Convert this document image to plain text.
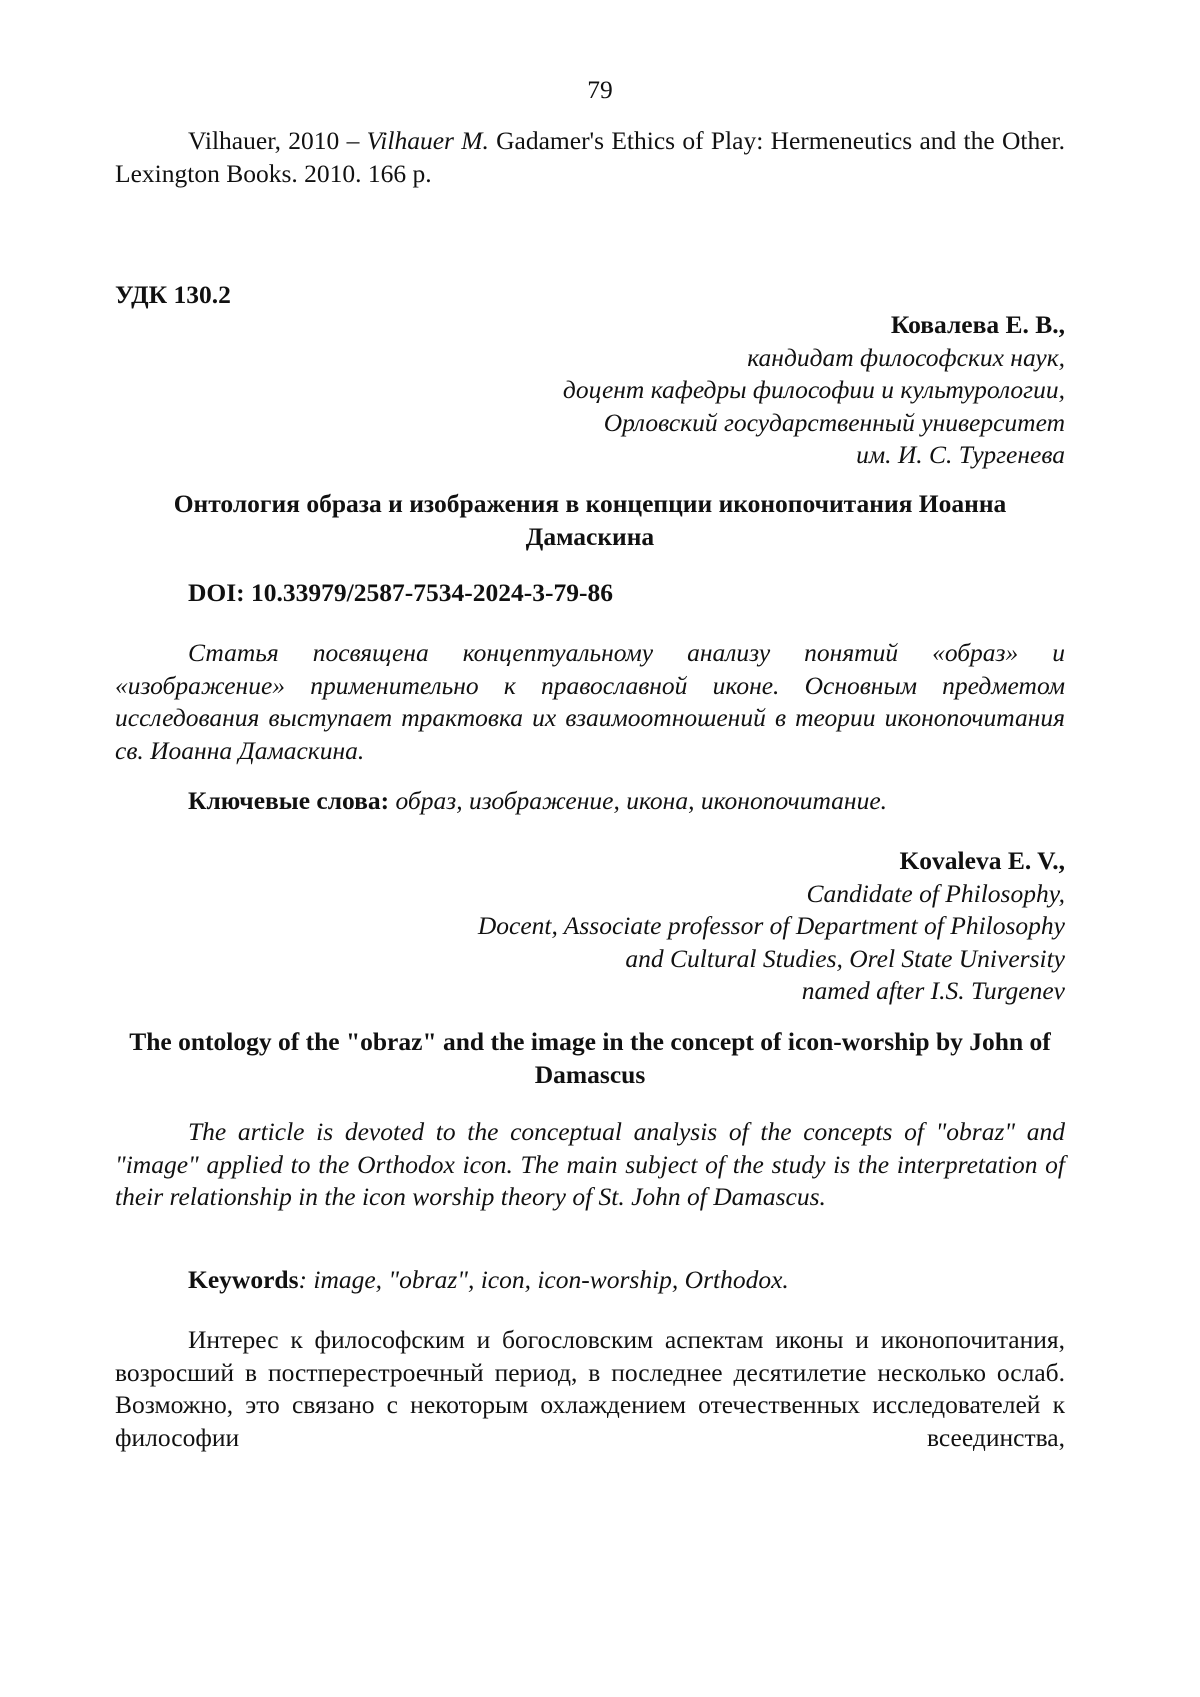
79

Vilhauer, 2010 – Vilhauer M. Gadamer's Ethics of Play: Hermeneutics and the Other. Lexington Books. 2010. 166 p.

УДК 130.2

Ковалева Е. В.,

кандидат философских наук,

доцент кафедры философии и культурологии,

Орловский государственный университет

им. И. С. Тургенева

Онтология образа и изображения в концепции иконопочитания Иоанна Дамаскина

DOI: 10.33979/2587-7534-2024-3-79-86

Статья посвящена концептуальному анализу понятий «образ» и «изображение» применительно к православной иконе. Основным предметом исследования выступает трактовка их взаимоотношений в теории иконопочитания св. Иоанна Дамаскина.

Ключевые слова: образ, изображение, икона, иконопочитание.

Kovaleva E. V.,

Candidate of Philosophy,

Docent, Associate professor of Department of Philosophy

and Cultural Studies, Orel State University

named after I.S. Turgenev

The ontology of the "obraz" and the image in the concept of icon-worship by John of Damascus

The article is devoted to the conceptual analysis of the concepts of "obraz" and "image" applied to the Orthodox icon. The main subject of the study is the interpretation of their relationship in the icon worship theory of St. John of Damascus.

Keywords: image, "obraz", icon, icon-worship, Orthodox.

Интерес к философским и богословским аспектам иконы и иконопочитания, возросший в постперестроечный период, в последнее десятилетие несколько ослаб. Возможно, это связано с некоторым охлаждением отечественных исследователей к философии всеединства,
